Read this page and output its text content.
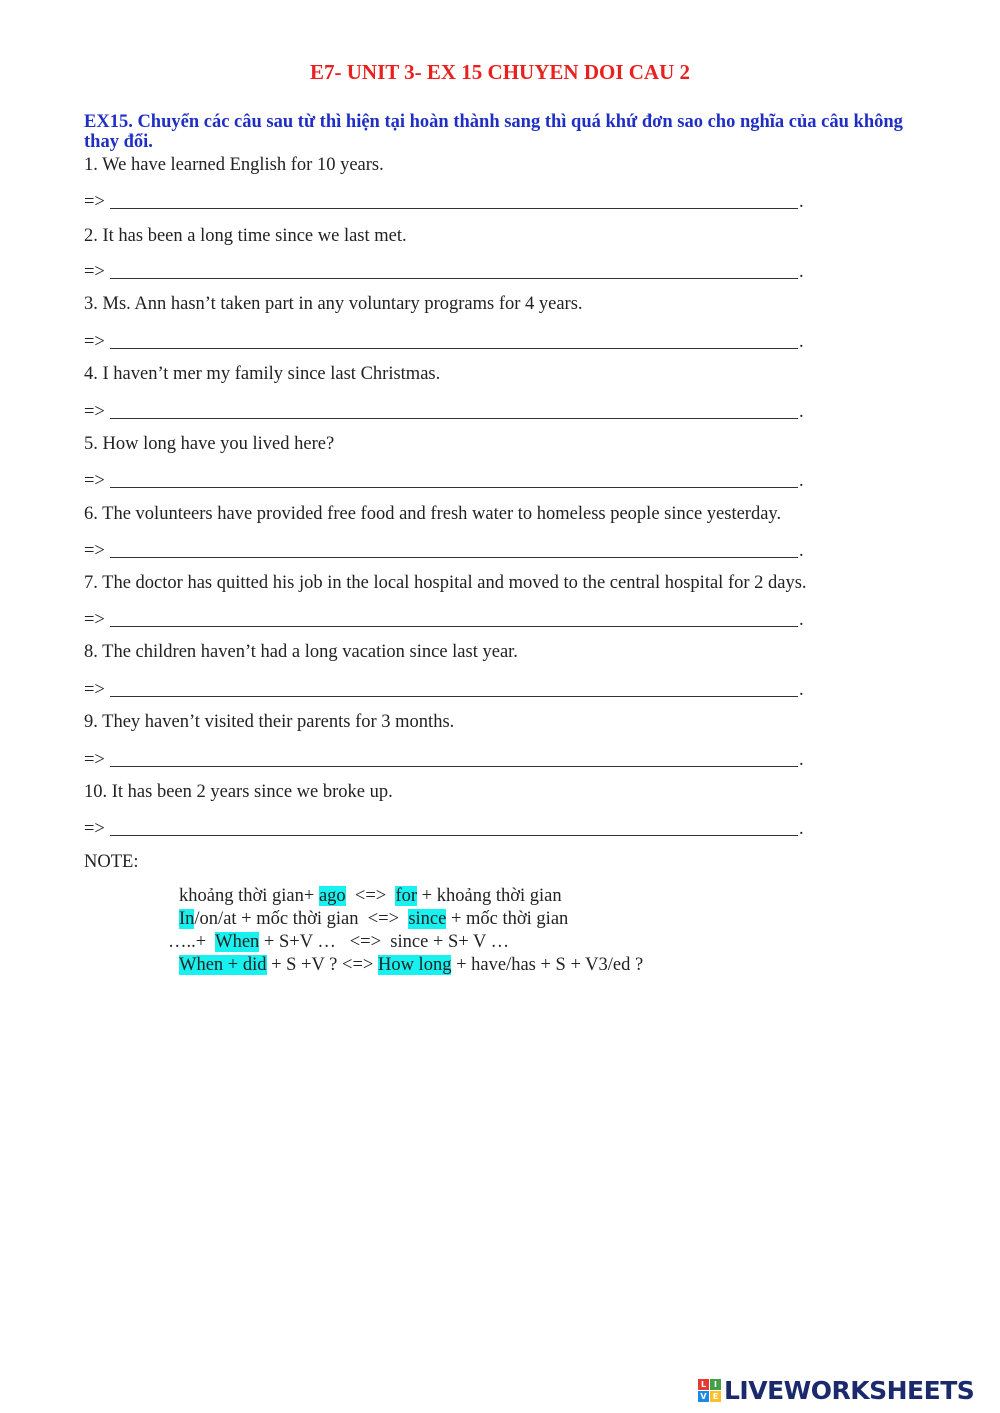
E7- UNIT 3- EX 15 CHUYEN DOI CAU 2
EX15. Chuyển các câu sau từ thì hiện tại hoàn thành sang thì quá khứ đơn sao cho nghĩa của câu không thay đổi.
1. We have learned English for 10 years.
=>	.
2. It has been a long time since we last met.
=>	.
3. Ms. Ann hasn’t taken part in any voluntary programs for 4 years.
=>	.
4. I haven’t mer my family since last Christmas.
=>	.
5. How long have you lived here?
=>	.
6. The volunteers have provided free food and fresh water to homeless people since yesterday.
=>	.
7. The doctor has quitted his job in the local hospital and moved to the central hospital for 2 days.
=>	.
8. The children haven’t had a long vacation since last year.
=>	.
9. They haven’t visited their parents for 3 months.
=>	.
10. It has been 2 years since we broke up.
=>	.
NOTE:
khoảng thời gian+ ago  <=>  for + khoảng thời gian
In/on/at + mốc thời gian  <=>  since + mốc thời gian
…..+  When + S+V …   <=>  since + S+ V …
When + did + S +V ? <=> How long + have/has + S + V3/ed ?
L I
V E LIVEWORKSHEETS
